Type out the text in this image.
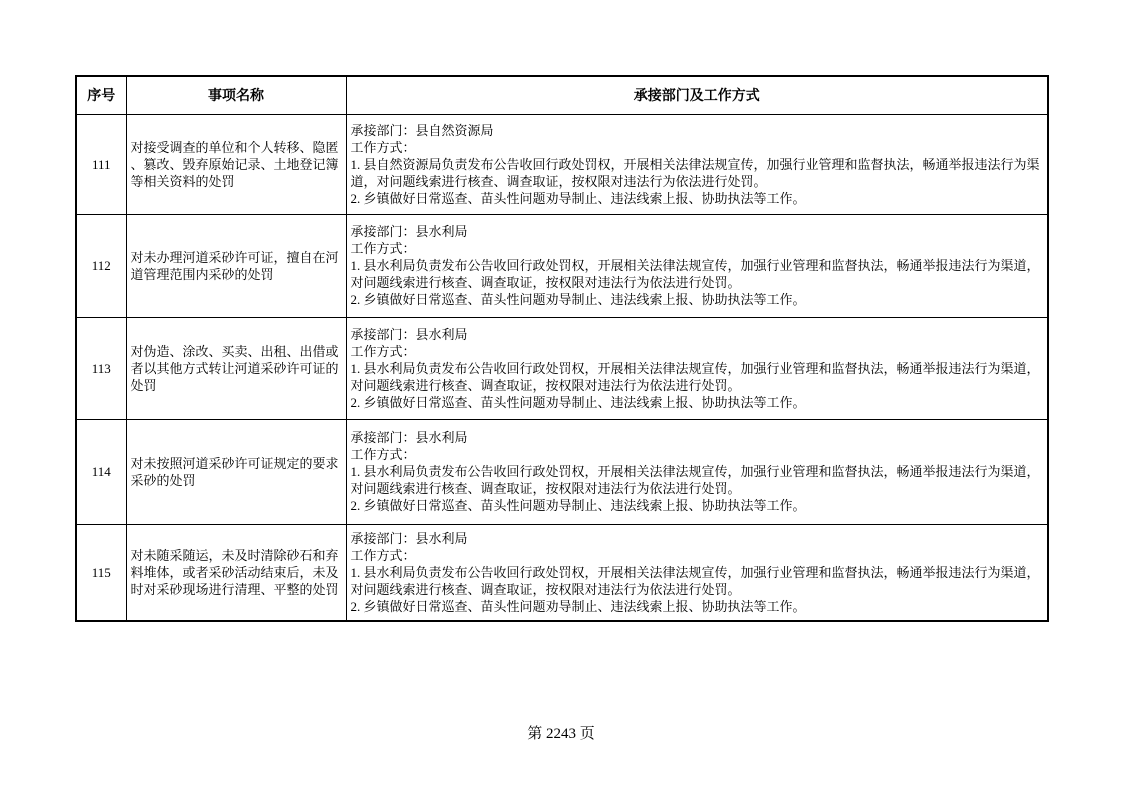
序号	事项名称	承接部门及工作方式
111	对接受调查的单位和个人转移、隐匿、篡改、毁弃原始记录、土地登记簿等相关资料的处罚	承接部门：县自然资源局
工作方式：
1. 县自然资源局负责发布公告收回行政处罚权，开展相关法律法规宣传，加强行业管理和监督执法，畅通举报违法行为渠道，对问题线索进行核查、调查取证，按权限对违法行为依法进行处罚。
2. 乡镇做好日常巡查、苗头性问题劝导制止、违法线索上报、协助执法等工作。

112	对未办理河道采砂许可证，擅自在河道管理范围内采砂的处罚	承接部门：县水利局
工作方式：
1. 县水利局负责发布公告收回行政处罚权，开展相关法律法规宣传，加强行业管理和监督执法，畅通举报违法行为渠道，对问题线索进行核查、调查取证，按权限对违法行为依法进行处罚。
2. 乡镇做好日常巡查、苗头性问题劝导制止、违法线索上报、协助执法等工作。

113	对伪造、涂改、买卖、出租、出借或者以其他方式转让河道采砂许可证的处罚	承接部门：县水利局
工作方式：
1. 县水利局负责发布公告收回行政处罚权，开展相关法律法规宣传，加强行业管理和监督执法，畅通举报违法行为渠道，对问题线索进行核查、调查取证，按权限对违法行为依法进行处罚。
2. 乡镇做好日常巡查、苗头性问题劝导制止、违法线索上报、协助执法等工作。

114	对未按照河道采砂许可证规定的要求采砂的处罚	承接部门：县水利局
工作方式：
1. 县水利局负责发布公告收回行政处罚权，开展相关法律法规宣传，加强行业管理和监督执法，畅通举报违法行为渠道，对问题线索进行核查、调查取证，按权限对违法行为依法进行处罚。
2. 乡镇做好日常巡查、苗头性问题劝导制止、违法线索上报、协助执法等工作。

115	对未随采随运，未及时清除砂石和弃料堆体，或者采砂活动结束后，未及时对采砂现场进行清理、平整的处罚	承接部门：县水利局
工作方式：
1. 县水利局负责发布公告收回行政处罚权，开展相关法律法规宣传，加强行业管理和监督执法，畅通举报违法行为渠道，对问题线索进行核查、调查取证，按权限对违法行为依法进行处罚。
2. 乡镇做好日常巡查、苗头性问题劝导制止、违法线索上报、协助执法等工作。
第 2243 页
